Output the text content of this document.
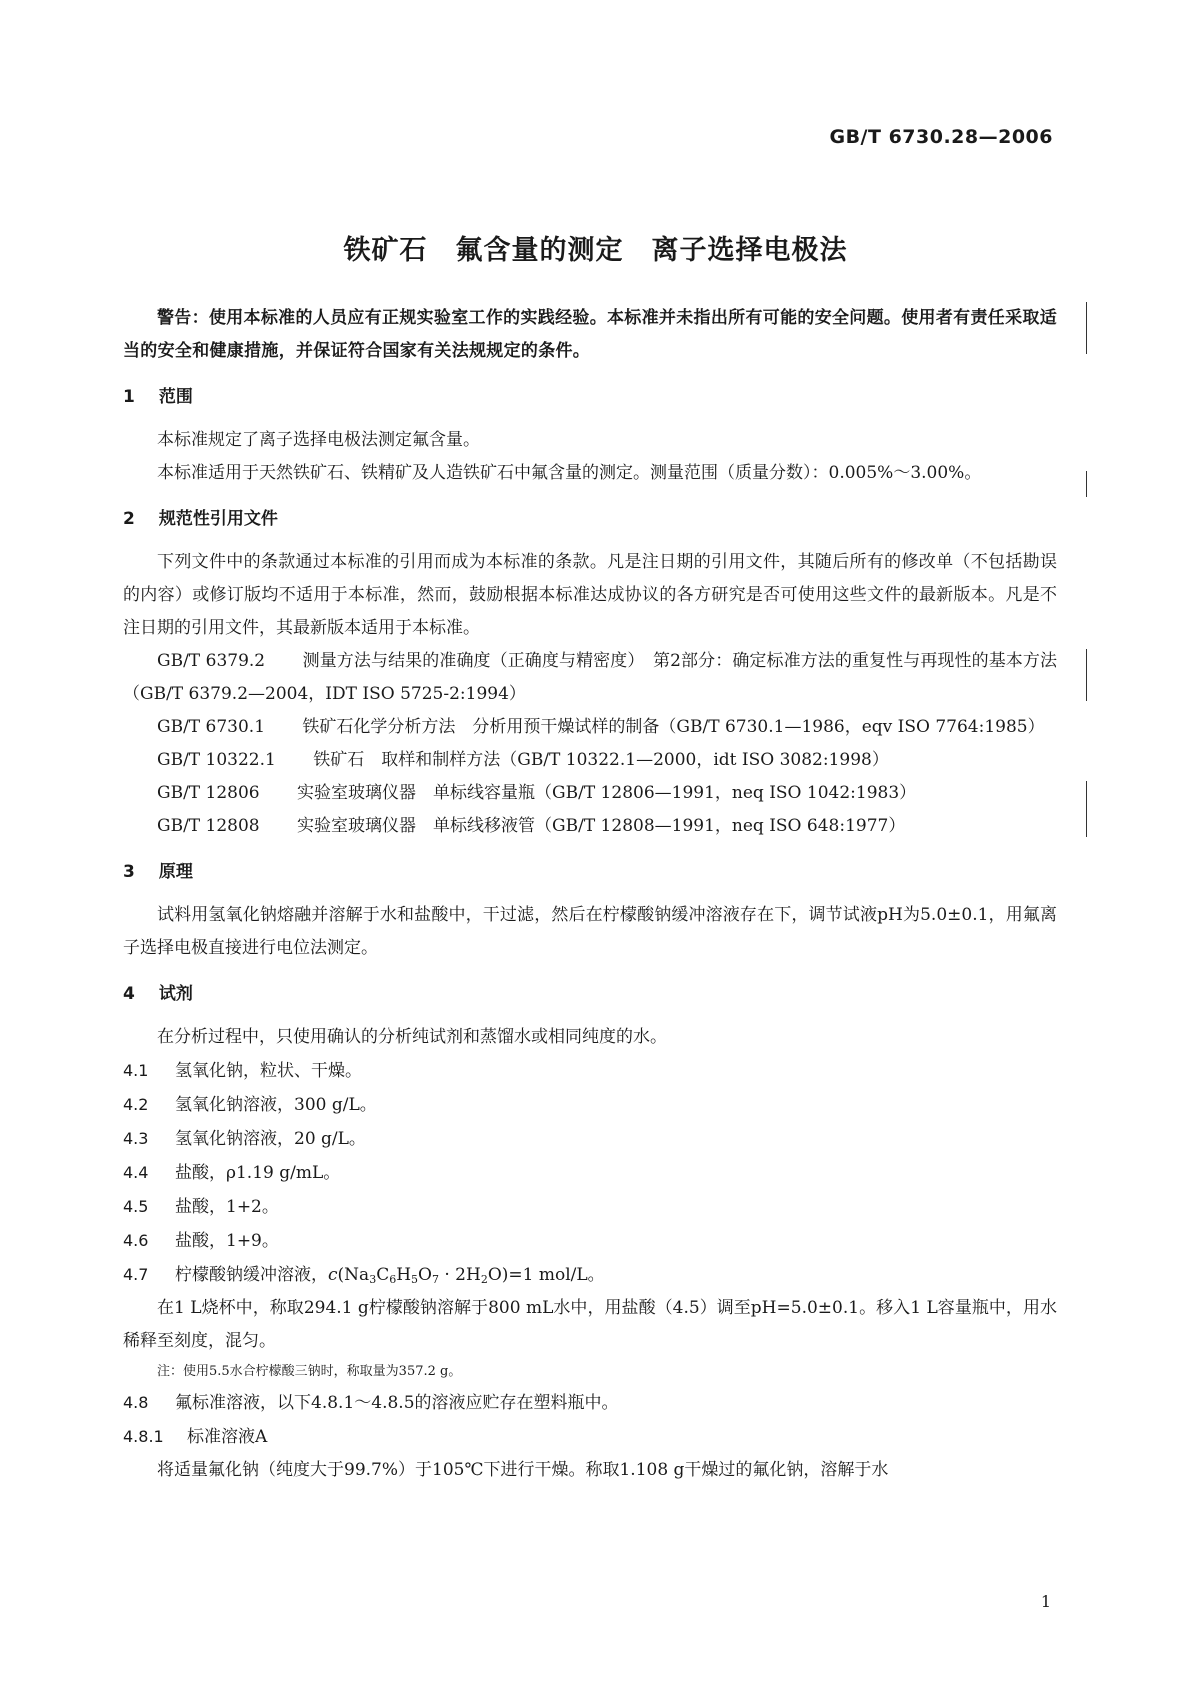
GB/T 6730.28—2006
铁矿石　氟含量的测定　离子选择电极法
警告：使用本标准的人员应有正规实验室工作的实践经验。本标准并未指出所有可能的安全问题。使用者有责任采取适当的安全和健康措施，并保证符合国家有关法规规定的条件。
1 范围

本标准规定了离子选择电极法测定氟含量。

本标准适用于天然铁矿石、铁精矿及人造铁矿石中氟含量的测定。测量范围（质量分数）：0.005%～3.00%。
2 规范性引用文件

下列文件中的条款通过本标准的引用而成为本标准的条款。凡是注日期的引用文件，其随后所有的修改单（不包括勘误的内容）或修订版均不适用于本标准，然而，鼓励根据本标准达成协议的各方研究是否可使用这些文件的最新版本。凡是不注日期的引用文件，其最新版本适用于本标准。

GB/T 6379.2 测量方法与结果的准确度（正确度与精密度）　第2部分：确定标准方法的重复性与再现性的基本方法（GB/T 6379.2—2004，IDT ISO 5725-2:1994）
GB/T 6730.1 铁矿石化学分析方法　分析用预干燥试样的制备（GB/T 6730.1—1986，eqv ISO 7764:1985）
GB/T 10322.1 铁矿石　取样和制样方法（GB/T 10322.1—2000，idt ISO 3082:1998）
GB/T 12806 实验室玻璃仪器　单标线容量瓶（GB/T 12806—1991，neq ISO 1042:1983）
GB/T 12808 实验室玻璃仪器　单标线移液管（GB/T 12808—1991，neq ISO 648:1977）
3 原理

试料用氢氧化钠熔融并溶解于水和盐酸中，干过滤，然后在柠檬酸钠缓冲溶液存在下，调节试液pH为5.0±0.1，用氟离子选择电极直接进行电位法测定。

4 试剂

在分析过程中，只使用确认的分析纯试剂和蒸馏水或相同纯度的水。

4.1 氢氧化钠，粒状、干燥。
4.2 氢氧化钠溶液，300 g/L。
4.3 氢氧化钠溶液，20 g/L。
4.4 盐酸，ρ1.19 g/mL。
4.5 盐酸，1+2。
4.6 盐酸，1+9。
4.7 柠檬酸钠缓冲溶液，$c(Na_3C_6H_5O_7 \cdot 2H_2O)=1$ mol/L。

在1 L烧杯中，称取294.1 g柠檬酸钠溶解于800 mL水中，用盐酸（4.5）调至pH=5.0±0.1。移入1 L容量瓶中，用水稀释至刻度，混匀。

注：使用5.5水合柠檬酸三钠时，称取量为357.2 g。

4.8 氟标准溶液，以下4.8.1～4.8.5的溶液应贮存在塑料瓶中。
4.8.1 标准溶液A

将适量氟化钠（纯度大于99.7%）于105℃下进行干燥。称取1.108 g干燥过的氟化钠，溶解于水

1
